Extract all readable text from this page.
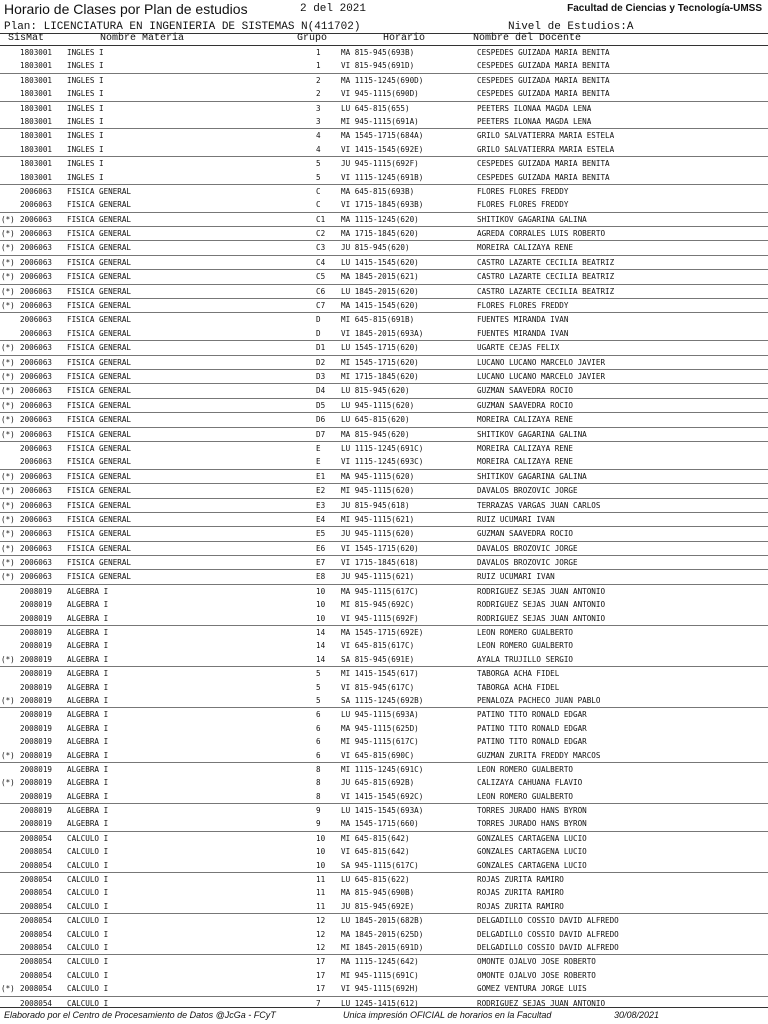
Horario de Clases por Plan de estudios	2 del 2021	Facultad de Ciencias y Tecnología-UMSS
Plan: LICENCIATURA EN INGENIERIA DE SISTEMAS N(411702)	Nivel de Estudios:A
SisMat	Nombre Materia	Grupo	Horario	Nombre del Docente
1803001 INGLES I	1	MA 815-945(693B)	CESPEDES GUIZADA MARIA BENITA
1803001 INGLES I	1	VI 815-945(691D)	CESPEDES GUIZADA MARIA BENITA
1803001 INGLES I	2	MA 1115-1245(690D)	CESPEDES GUIZADA MARIA BENITA
1803001 INGLES I	2	VI 945-1115(690D)	CESPEDES GUIZADA MARIA BENITA
1803001 INGLES I	3	LU 645-815(655)	PEETERS ILONAA MAGDA LENA
1803001 INGLES I	3	MI 945-1115(691A)	PEETERS ILONAA MAGDA LENA
1803001 INGLES I	4	MA 1545-1715(684A)	GRILO SALVATIERRA MARIA ESTELA
1803001 INGLES I	4	VI 1415-1545(692E)	GRILO SALVATIERRA MARIA ESTELA
1803001 INGLES I	5	JU 945-1115(692F)	CESPEDES GUIZADA MARIA BENITA
1803001 INGLES I	5	VI 1115-1245(691B)	CESPEDES GUIZADA MARIA BENITA
2006063 FISICA GENERAL	C	MA 645-815(693B)	FLORES FLORES FREDDY
2006063 FISICA GENERAL	C	VI 1715-1845(693B)	FLORES FLORES FREDDY
(*) 2006063 FISICA GENERAL	C1 MA 1115-1245(620)	SHITIKOV GAGARINA GALINA
(*) 2006063 FISICA GENERAL	C2 MA 1715-1845(620)	AGREDA CORRALES LUIS ROBERTO
(*) 2006063 FISICA GENERAL	C3 JU 815-945(620)	MOREIRA CALIZAYA RENE
(*) 2006063 FISICA GENERAL	C4 LU 1415-1545(620)	CASTRO LAZARTE CECILIA BEATRIZ
(*) 2006063 FISICA GENERAL	C5 MA 1845-2015(621)	CASTRO LAZARTE CECILIA BEATRIZ
(*) 2006063 FISICA GENERAL	C6 LU 1845-2015(620)	CASTRO LAZARTE CECILIA BEATRIZ
(*) 2006063 FISICA GENERAL	C7 MA 1415-1545(620)	FLORES FLORES FREDDY
2006063 FISICA GENERAL	D	MI 645-815(691B)	FUENTES MIRANDA IVAN
2006063 FISICA GENERAL	D	VI 1845-2015(693A)	FUENTES MIRANDA IVAN
(*) 2006063 FISICA GENERAL	D1 LU 1545-1715(620)	UGARTE CEJAS FELIX
(*) 2006063 FISICA GENERAL	D2 MI 1545-1715(620)	LUCANO LUCANO MARCELO JAVIER
(*) 2006063 FISICA GENERAL	D3 MI 1715-1845(620)	LUCANO LUCANO MARCELO JAVIER
(*) 2006063 FISICA GENERAL	D4 LU 815-945(620)	GUZMAN SAAVEDRA ROCIO
(*) 2006063 FISICA GENERAL	D5 LU 945-1115(620)	GUZMAN SAAVEDRA ROCIO
(*) 2006063 FISICA GENERAL	D6 LU 645-815(620)	MOREIRA CALIZAYA RENE
(*) 2006063 FISICA GENERAL	D7 MA 815-945(620)	SHITIKOV GAGARINA GALINA
2006063 FISICA GENERAL	E	LU 1115-1245(691C)	MOREIRA CALIZAYA RENE
2006063 FISICA GENERAL	E	VI 1115-1245(693C)	MOREIRA CALIZAYA RENE
(*) 2006063 FISICA GENERAL	E1 MA 945-1115(620)	SHITIKOV GAGARINA GALINA
(*) 2006063 FISICA GENERAL	E2 MI 945-1115(620)	DAVALOS BROZOVIC JORGE
(*) 2006063 FISICA GENERAL	E3 JU 815-945(618)	TERRAZAS VARGAS JUAN CARLOS
(*) 2006063 FISICA GENERAL	E4 MI 945-1115(621)	RUIZ UCUMARI IVAN
(*) 2006063 FISICA GENERAL	E5 JU 945-1115(620)	GUZMAN SAAVEDRA ROCIO
(*) 2006063 FISICA GENERAL	E6 VI 1545-1715(620)	DAVALOS BROZOVIC JORGE
(*) 2006063 FISICA GENERAL	E7 VI 1715-1845(618)	DAVALOS BROZOVIC JORGE
(*) 2006063 FISICA GENERAL	E8 JU 945-1115(621)	RUIZ UCUMARI IVAN
2008019 ALGEBRA I	10 MA 945-1115(617C)	RODRIGUEZ SEJAS JUAN ANTONIO
2008019 ALGEBRA I	10 MI 815-945(692C)	RODRIGUEZ SEJAS JUAN ANTONIO
2008019 ALGEBRA I	10 VI 945-1115(692F)	RODRIGUEZ SEJAS JUAN ANTONIO
2008019 ALGEBRA I	14 MA 1545-1715(692E)	LEON ROMERO GUALBERTO
2008019 ALGEBRA I	14 VI 645-815(617C)	LEON ROMERO GUALBERTO
(*) 2008019 ALGEBRA I	14 SA 815-945(691E)	AYALA TRUJILLO SERGIO
2008019 ALGEBRA I	5	MI 1415-1545(617)	TABORGA ACHA FIDEL
2008019 ALGEBRA I	5	VI 815-945(617C)	TABORGA ACHA FIDEL
(*) 2008019 ALGEBRA I	5	SA 1115-1245(692B)	PENALOZA PACHECO JUAN PABLO
2008019 ALGEBRA I	6	LU 945-1115(693A)	PATINO TITO RONALD EDGAR
2008019 ALGEBRA I	6	MA 945-1115(625D)	PATINO TITO RONALD EDGAR
2008019 ALGEBRA I	6	MI 945-1115(617C)	PATINO TITO RONALD EDGAR
(*) 2008019 ALGEBRA I	6	VI 645-815(690C)	GUZMAN ZURITA FREDDY MARCOS
2008019 ALGEBRA I	8	MI 1115-1245(691C)	LEON ROMERO GUALBERTO
(*) 2008019 ALGEBRA I	8	JU 645-815(692B)	CALIZAYA CAHUANA FLAVIO
2008019 ALGEBRA I	8	VI 1415-1545(692C)	LEON ROMERO GUALBERTO
2008019 ALGEBRA I	9	LU 1415-1545(693A)	TORRES JURADO HANS BYRON
2008019 ALGEBRA I	9	MA 1545-1715(660)	TORRES JURADO HANS BYRON
2008054 CALCULO I	10 MI 645-815(642)	GONZALES CARTAGENA LUCIO
2008054 CALCULO I	10 VI 645-815(642)	GONZALES CARTAGENA LUCIO
2008054 CALCULO I	10 SA 945-1115(617C)	GONZALES CARTAGENA LUCIO
2008054 CALCULO I	11 LU 645-815(622)	ROJAS ZURITA RAMIRO
2008054 CALCULO I	11 MA 815-945(690B)	ROJAS ZURITA RAMIRO
2008054 CALCULO I	11 JU 815-945(692E)	ROJAS ZURITA RAMIRO
2008054 CALCULO I	12 LU 1845-2015(682B)	DELGADILLO COSSIO DAVID ALFREDO
2008054 CALCULO I	12 MA 1845-2015(625D)	DELGADILLO COSSIO DAVID ALFREDO
2008054 CALCULO I	12 MI 1845-2015(691D)	DELGADILLO COSSIO DAVID ALFREDO
2008054 CALCULO I	17 MA 1115-1245(642)	OMONTE OJALVO JOSE ROBERTO
2008054 CALCULO I	17 MI 945-1115(691C)	OMONTE OJALVO JOSE ROBERTO
(*) 2008054 CALCULO I	17 VI 945-1115(692H)	GOMEZ VENTURA JORGE LUIS
2008054 CALCULO I	7	LU 1245-1415(612)	RODRIGUEZ SEJAS JUAN ANTONIO
Elaborado por el Centro de Procesamiento de Datos @JcGa - FCyT	Unica impresión OFICIAL de horarios en la Facultad	30/08/2021
